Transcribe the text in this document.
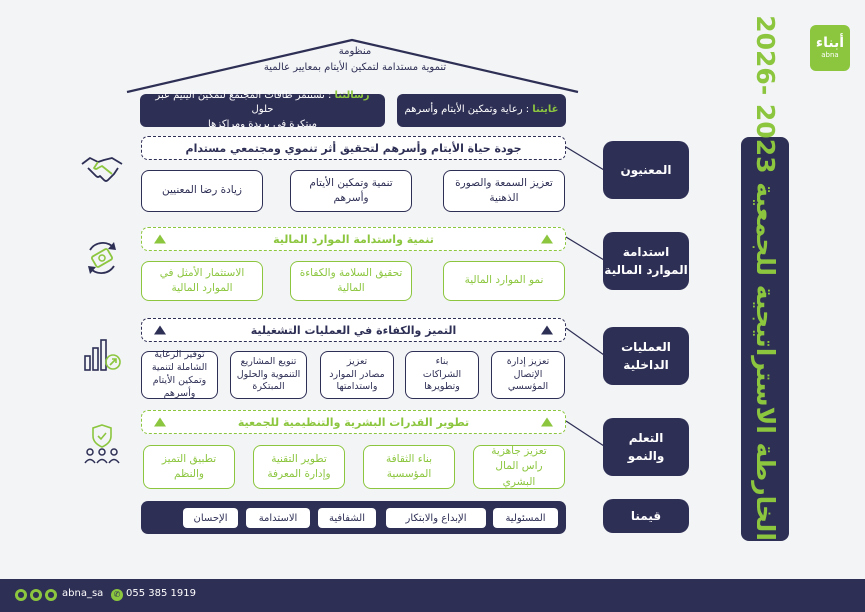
أبناء
abna
منظومة
تنموية مستدامة لتمكين الأيتام بمعايير عالمية
رسالتنا : نستثمر طاقات المجتمع لتمكين اليتيم عبر حلول
مبتكرة في بريدة ومراكزها
غايتنا : رعاية وتمكين الأيتام وأسرهم
الخارطة الاستراتيجية للجمعية 2023 -2026
المعنيون
استدامة
الموارد المالية
العمليات
الداخلية
التعلم
والنمو
قيمنا
جودة حياة الأيتام وأسرهم لتحقيق أثر تنموي ومجتمعي مستدام
تعزيز السمعة والصورة
الذهنية
تنمية وتمكين الأيتام
وأسرهم
زيادة رضا المعنيين
تنمية واستدامة الموارد المالية
نمو الموارد المالية
تحقيق السلامة والكفاءة
المالية
الاستثمار الأمثل في
الموارد المالية
التميز والكفاءة في العمليات التشغيلية
تعزيز إدارة
الإتصال
المؤسسي
بناء
الشراكات
وتطويرها
تعزيز
مصادر الموارد
واستدامتها
تنويع المشاريع
التنموية والحلول
المبتكرة
توفير الرعاية
الشاملة لتنمية
وتمكين الأيتام
وأسرهم
تطوير القدرات البشرية والتنظيمية للجمعية
تعزيز جاهزية
راس المال البشري
بناء الثقافة
المؤسسية
تطوير التقنية
وإدارة المعرفة
تطبيق التميز
والنظم
المسئولية
الإبداع والابتكار
الشفافية
الاستدامة
الإحسان
●	●	● abna_sa	✆ 055 385 1919
